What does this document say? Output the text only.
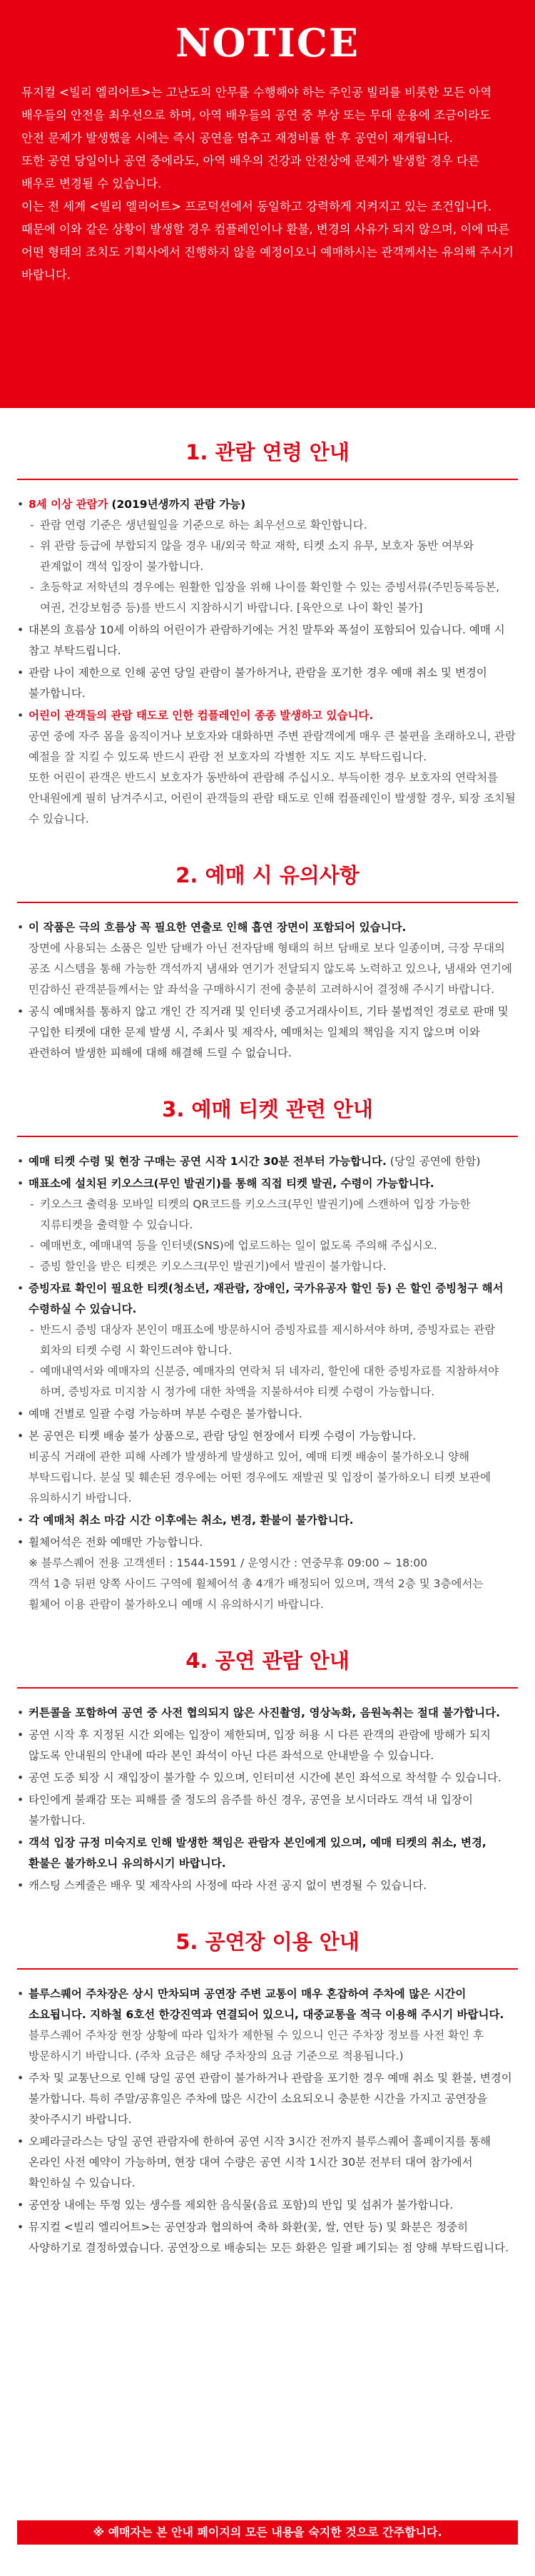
NOTICE

뮤지컬 <빌리 엘리어트>는 고난도의 안무를 수행해야 하는 주인공 빌리를 비롯한 모든 아역 배우들의 안전을 최우선으로 하며, 아역 배우들의 공연 중 부상 또는 무대 운용에 조금이라도 안전 문제가 발생했을 시에는 즉시 공연을 멈추고 재정비를 한 후 공연이 재개됩니다.

또한 공연 당일이나 공연 중에라도, 아역 배우의 건강과 안전상에 문제가 발생할 경우 다른 배우로 변경될 수 있습니다.

이는 전 세계 <빌리 엘리어트> 프로덕션에서 동일하고 강력하게 지켜지고 있는 조건입니다. 때문에 이와 같은 상황이 발생할 경우 컴플레인이나 환불, 변경의 사유가 되지 않으며, 이에 따른 어떤 형태의 조치도 기획사에서 진행하지 않을 예정이오니 예매하시는 관객께서는 유의해 주시기 바랍니다.

1. 관람 연령 안내
• 8세 이상 관람가 (2019년생까지 관람 가능)
- 관람 연령 기준은 생년월일을 기준으로 하는 최우선으로 확인합니다.
- 위 관람 등급에 부합되지 않을 경우 내/외국 학교 재학, 티켓 소지 유무, 보호자 동반 여부와 관계없이 객석 입장이 불가합니다.
- 초등학교 저학년의 경우에는 원활한 입장을 위해 나이를 확인할 수 있는 증빙서류(주민등록등본, 여권, 건강보험증 등)를 반드시 지참하시기 바랍니다. [육안으로 나이 확인 불가]
• 대본의 흐름상 10세 이하의 어린이가 관람하기에는 거친 말투와 폭설이 포함되어 있습니다. 예매 시 참고 부탁드립니다.
• 관람 나이 제한으로 인해 공연 당일 관람이 불가하거나, 관람을 포기한 경우 예매 취소 및 변경이 불가합니다.
• 어린이 관객들의 관람 태도로 인한 컴플레인이 종종 발생하고 있습니다.
공연 중에 자주 몸을 움직이거나 보호자와 대화하면 주변 관람객에게 매우 큰 불편을 초래하오니, 관람 예절을 잘 지킬 수 있도록 반드시 관람 전 보호자의 각별한 지도 지도 부탁드립니다.
또한 어린이 관객은 반드시 보호자가 동반하여 관람해 주십시오. 부득이한 경우 보호자의 연락처를 안내원에게 필히 남겨주시고, 어린이 관객들의 관람 태도로 인해 컴플레인이 발생할 경우, 퇴장 조치될 수 있습니다.
2. 예매 시 유의사항
• 이 작품은 극의 흐름상 꼭 필요한 연출로 인해 흡연 장면이 포함되어 있습니다.
장면에 사용되는 소품은 일반 담배가 아닌 전자담배 형태의 허브 담배로 보다 일종이며, 극장 무대의 공조 시스템을 통해 가능한 객석까지 냄새와 연기가 전달되지 않도록 노력하고 있으나, 냄새와 연기에 민감하신 관객분들께서는 앞 좌석을 구매하시기 전에 충분히 고려하시어 결정해 주시기 바랍니다.
• 공식 예매처를 통하지 않고 개인 간 직거래 및 인터넷 중고거래사이트, 기타 불법적인 경로로 판매 및 구입한 티켓에 대한 문제 발생 시, 주최사 및 제작사, 예매처는 일체의 책임을 지지 않으며 이와 관련하여 발생한 피해에 대해 해결해 드릴 수 없습니다.
3. 예매 티켓 관련 안내
• 예매 티켓 수령 및 현장 구매는 공연 시작 1시간 30분 전부터 가능합니다. (당일 공연에 한함)
• 매표소에 설치된 키오스크(무인 발권기)를 통해 직접 티켓 발권, 수령이 가능합니다.
- 키오스크 출력용 모바일 티켓의 QR코드를 키오스크(무인 발권기)에 스캔하여 입장 가능한 지류티켓을 출력할 수 있습니다.
- 예매번호, 예매내역 등을 인터넷(SNS)에 업로드하는 일이 없도록 주의해 주십시오.
- 증빙 할인을 받은 티켓은 키오스크(무인 발권기)에서 발권이 불가합니다.
• 증빙자료 확인이 필요한 티켓(청소년, 재관람, 장애인, 국가유공자 할인 등) 은 할인 증빙청구 해서 수령하실 수 있습니다.
- 반드시 증빙 대상자 본인이 매표소에 방문하시어 증빙자료를 제시하셔야 하며, 증빙자료는 관람 회차의 티켓 수령 시 확인드려야 합니다.
- 예매내역서와 예매자의 신분증, 예매자의 연락처 뒤 네자리, 할인에 대한 증빙자료를 지참하셔야 하며, 증빙자료 미지참 시 정가에 대한 차액을 지불하셔야 티켓 수령이 가능합니다.
• 예매 건별로 일괄 수령 가능하며 부분 수령은 불가합니다.
• 본 공연은 티켓 배송 불가 상품으로, 관람 당일 현장에서 티켓 수령이 가능합니다.
비공식 거래에 관한 피해 사례가 발생하게 발생하고 있어, 예매 티켓 배송이 불가하오니 양해 부탁드립니다. 분실 및 훼손된 경우에는 어떤 경우에도 재발권 및 입장이 불가하오니 티켓 보관에 유의하시기 바랍니다.
• 각 예매처 취소 마감 시간 이후에는 취소, 변경, 환불이 불가합니다.
• 휠체어석은 전화 예매만 가능합니다.
※ 블루스퀘어 전용 고객센터 : 1544-1591 / 운영시간 : 연중무휴 09:00 ~ 18:00
객석 1층 뒤편 양쪽 사이드 구역에 휠체어석 총 4개가 배정되어 있으며, 객석 2층 및 3층에서는 휠체어 이용 관람이 불가하오니 예매 시 유의하시기 바랍니다.
4. 공연 관람 안내
• 커튼콜을 포함하여 공연 중 사전 협의되지 않은 사진촬영, 영상녹화, 음원녹취는 절대 불가합니다.
• 공연 시작 후 지정된 시간 외에는 입장이 제한되며, 입장 허용 시 다른 관객의 관람에 방해가 되지 않도록 안내원의 안내에 따라 본인 좌석이 아닌 다른 좌석으로 안내받을 수 있습니다.
• 공연 도중 퇴장 시 재입장이 불가할 수 있으며, 인터미션 시간에 본인 좌석으로 착석할 수 있습니다.
• 타인에게 불쾌감 또는 피해를 줄 정도의 음주를 하신 경우, 공연을 보시더라도 객석 내 입장이 불가합니다.
• 객석 입장 규정 미숙지로 인해 발생한 책임은 관람자 본인에게 있으며, 예매 티켓의 취소, 변경, 환불은 불가하오니 유의하시기 바랍니다.
• 캐스팅 스케줄은 배우 및 제작사의 사정에 따라 사전 공지 없이 변경될 수 있습니다.
5. 공연장 이용 안내
• 블루스퀘어 주차장은 상시 만차되며 공연장 주변 교통이 매우 혼잡하여 주차에 많은 시간이 소요됩니다. 지하철 6호선 한강진역과 연결되어 있으니, 대중교통을 적극 이용해 주시기 바랍니다.
블루스퀘어 주차장 현장 상황에 따라 입차가 제한될 수 있으니 인근 주차장 정보를 사전 확인 후 방문하시기 바랍니다. (주차 요금은 해당 주차장의 요금 기준으로 적용됩니다.)
• 주차 및 교통난으로 인해 당일 공연 관람이 불가하거나 관람을 포기한 경우 예매 취소 및 환불, 변경이 불가합니다. 특히 주말/공휴일은 주차에 많은 시간이 소요되오니 충분한 시간을 가지고 공연장을 찾아주시기 바랍니다.
• 오페라글라스는 당일 공연 관람자에 한하여 공연 시작 3시간 전까지 블루스퀘어 홀페이지를 통해 온라인 사전 예약이 가능하며, 현장 대여 수량은 공연 시작 1시간 30분 전부터 대여 참가에서 확인하실 수 있습니다.
• 공연장 내에는 뚜껑 있는 생수를 제외한 음식물(음료 포함)의 반입 및 섭취가 불가합니다.
• 뮤지컬 <빌리 엘리어트>는 공연장과 협의하여 축하 화환(꽃, 쌀, 연탄 등) 및 화분은 정중히 사양하기로 결정하였습니다. 공연장으로 배송되는 모든 화환은 일괄 폐기되는 점 양해 부탁드립니다.
※ 예매자는 본 안내 페이지의 모든 내용을 숙지한 것으로 간주합니다.
